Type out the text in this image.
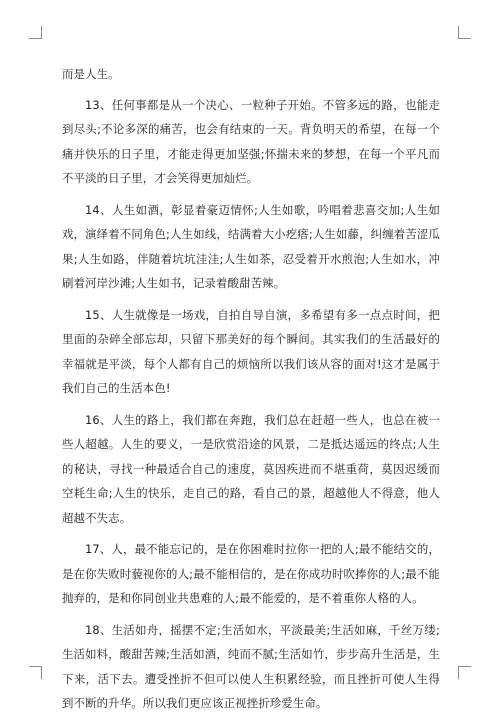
而是人生。

13、任何事都是从一个决心、一粒种子开始。不管多远的路，也能走到尽头;不论多深的痛苦，也会有结束的一天。背负明天的希望，在每一个痛并快乐的日子里，才能走得更加坚强;怀揣未来的梦想，在每一个平凡而不平淡的日子里，才会笑得更加灿烂。

14、人生如酒，彰显着豪迈情怀;人生如歌，吟唱着悲喜交加;人生如戏，演绎着不同角色;人生如线，结满着大小疙瘩;人生如藤，纠缠着苦涩瓜果;人生如路，伴随着坑坑洼洼;人生如茶，忍受着开水煎泡;人生如水，冲刷着河岸沙滩;人生如书，记录着酸甜苦辣。

15、人生就像是一场戏，自拍自导自演，多希望有多一点点时间，把里面的杂碎全部忘却，只留下那美好的每个瞬间。其实我们的生活最好的幸福就是平淡，每个人都有自己的烦恼所以我们该从容的面对!这才是属于我们自己的生活本色!

16、人生的路上，我们都在奔跑，我们总在赶超一些人，也总在被一些人超越。人生的要义，一是欣赏沿途的风景，二是抵达遥远的终点;人生的秘诀，寻找一种最适合自己的速度，莫因疾进而不堪重荷，莫因迟缓而空耗生命;人生的快乐，走自己的路，看自己的景，超越他人不得意，他人超越不失志。

17、人，最不能忘记的，是在你困难时拉你一把的人;最不能结交的，是在你失败时藐视你的人;最不能相信的，是在你成功时吹捧你的人;最不能抛弃的，是和你同创业共患难的人;最不能爱的，是不着重你人格的人。

18、生活如舟，摇摆不定;生活如水，平淡最美;生活如麻，千丝万缕;生活如料，酸甜苦辣;生活如酒，纯而不腻;生活如竹，步步高升生活是，生下来，活下去。遭受挫折不但可以使人生积累经验，而且挫折可使人生得到不断的升华。所以我们更应该正视挫折珍爱生命。
